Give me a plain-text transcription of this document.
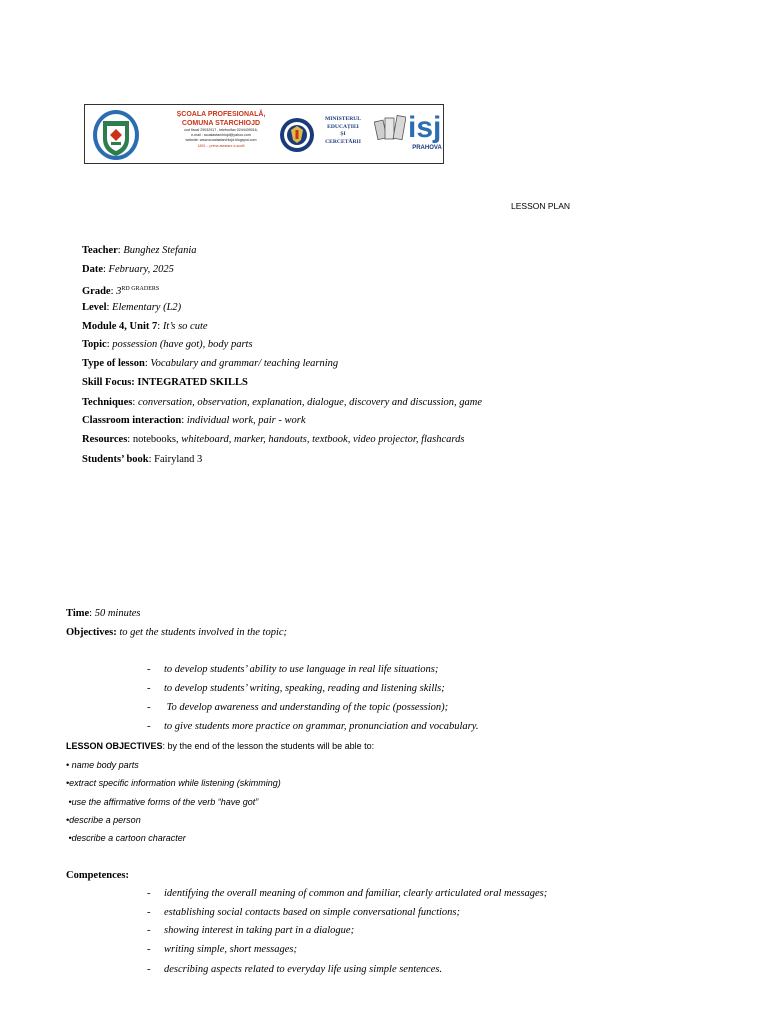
ȘCOALA PROFESIONALĂ,
COMUNA STARCHIOJD
cod fiscal 2903291​7 , telefon/fax 0244439016,
e-mail : scoalastarchiojd@yahoo.com
website: www.scoalastarchiojd.blogspot.com
1891 – prima atestare a școlii
MINISTERUL
EDUCAȚIEI
ȘI
CERCETĂRII isj
PRAHOVA
LESSON PLAN
Teacher: Bunghez Stefania
Date: February, 2025
Grade: $3^{RD GRADERS}$
Level: Elementary (L2)
Module 4, Unit 7: It’s so cute
Topic: possession (have got), body parts
Type of lesson: Vocabulary and grammar/ teaching learning
Skill Focus: INTEGRATED SKILLS
Techniques: conversation, observation, explanation, dialogue, discovery and discussion, game
Classroom interaction: individual work, pair - work
Resources: notebooks, whiteboard, marker, handouts, textbook, video projector, flashcards
Students’ book: Fairyland 3
Time: 50 minutes
Objectives: to get the students involved in the topic;
- to develop students’ ability to use language in real life situations;
- to develop students’ writing, speaking, reading and listening skills;
- To develop awareness and understanding of the topic (possession);
- to give students more practice on grammar, pronunciation and vocabulary.
LESSON OBJECTIVES: by the end of the lesson the students will be able to:
• name body parts
•extract specific information while listening (skimming)
•use the affirmative forms of the verb “have got”
•describe a person
•describe a cartoon character
Competences:
- identifying the overall meaning of common and familiar, clearly articulated oral messages;
- establishing social contacts based on simple conversational functions;
- showing interest in taking part in a dialogue;
- writing simple, short messages;
- describing aspects related to everyday life using simple sentences.
